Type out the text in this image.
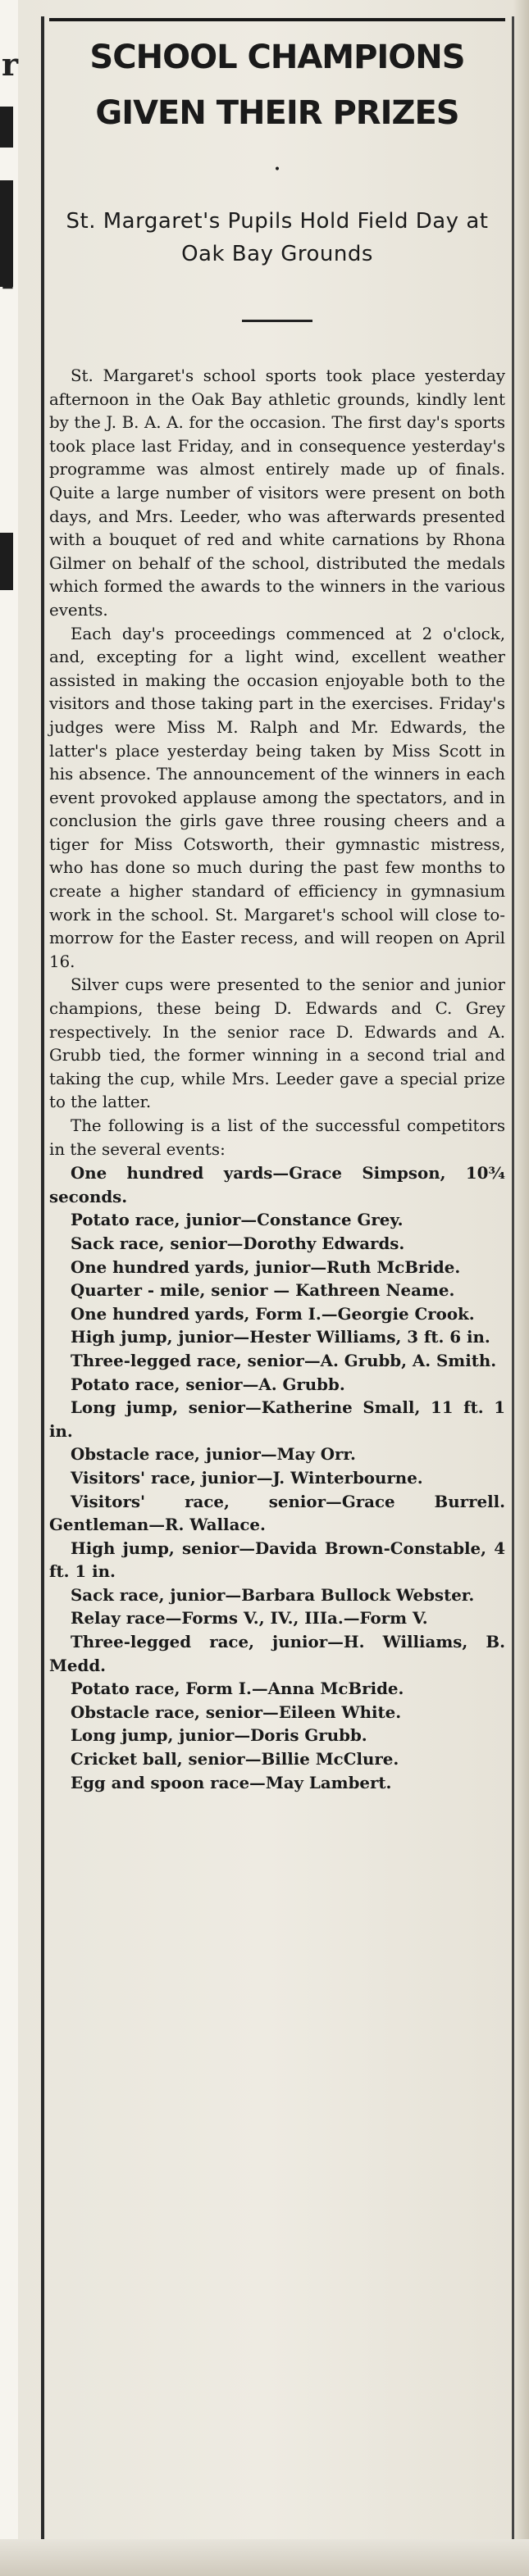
r	SCHOOL CHAMPIONS
GIVEN THEIR PRIZES
•
St. Margaret's Pupils Hold Field Day at Oak Bay Grounds

St. Margaret's school sports took place yesterday afternoon in the Oak Bay athletic grounds, kindly lent by the J. B. A. A. for the occasion. The first day's sports took place last Friday, and in consequence yesterday's programme was almost entirely made up of finals. Quite a large number of visitors were present on both days, and Mrs. Leeder, who was afterwards presented with a bouquet of red and white carnations by Rhona Gilmer on behalf of the school, distributed the medals which formed the awards to the winners in the various events.

Each day's proceedings commenced at 2 o'clock, and, excepting for a light wind, excellent weather assisted in making the occasion enjoyable both to the visitors and those taking part in the exercises. Friday's judges were Miss M. Ralph and Mr. Edwards, the latter's place yesterday being taken by Miss Scott in his absence. The announcement of the winners in each event provoked applause among the spectators, and in conclusion the girls gave three rousing cheers and a tiger for Miss Cotsworth, their gymnastic mistress, who has done so much during the past few months to create a higher standard of efficiency in gymnasium work in the school. St. Margaret's school will close to-morrow for the Easter recess, and will reopen on April 16.

Silver cups were presented to the senior and junior champions, these being D. Edwards and C. Grey respectively. In the senior race D. Edwards and A. Grubb tied, the former winning in a second trial and taking the cup, while Mrs. Leeder gave a special prize to the latter.

The following is a list of the successful competitors in the several events:

One hundred yards—Grace Simpson, 10¾ seconds.

Potato race, junior—Constance Grey.

Sack race, senior—Dorothy Edwards.

One hundred yards, junior—Ruth McBride.

Quarter - mile, senior — Kathreen Neame.

One hundred yards, Form I.—Georgie Crook.

High jump, junior—Hester Williams, 3 ft. 6 in.

Three-legged race, senior—A. Grubb, A. Smith.

Potato race, senior—A. Grubb.

Long jump, senior—Katherine Small, 11 ft. 1 in.

Obstacle race, junior—May Orr.

Visitors' race, junior—J. Winterbourne.

Visitors' race, senior—Grace Burrell. Gentleman—R. Wallace.

High jump, senior—Davida Brown-Constable, 4 ft. 1 in.

Sack race, junior—Barbara Bullock Webster.

Relay race—Forms V., IV., IIIa.—Form V.

Three-legged race, junior—H. Williams, B. Medd.

Potato race, Form I.—Anna McBride.

Obstacle race, senior—Eileen White.

Long jump, junior—Doris Grubb.

Cricket ball, senior—Billie McClure.

Egg and spoon race—May Lambert.
